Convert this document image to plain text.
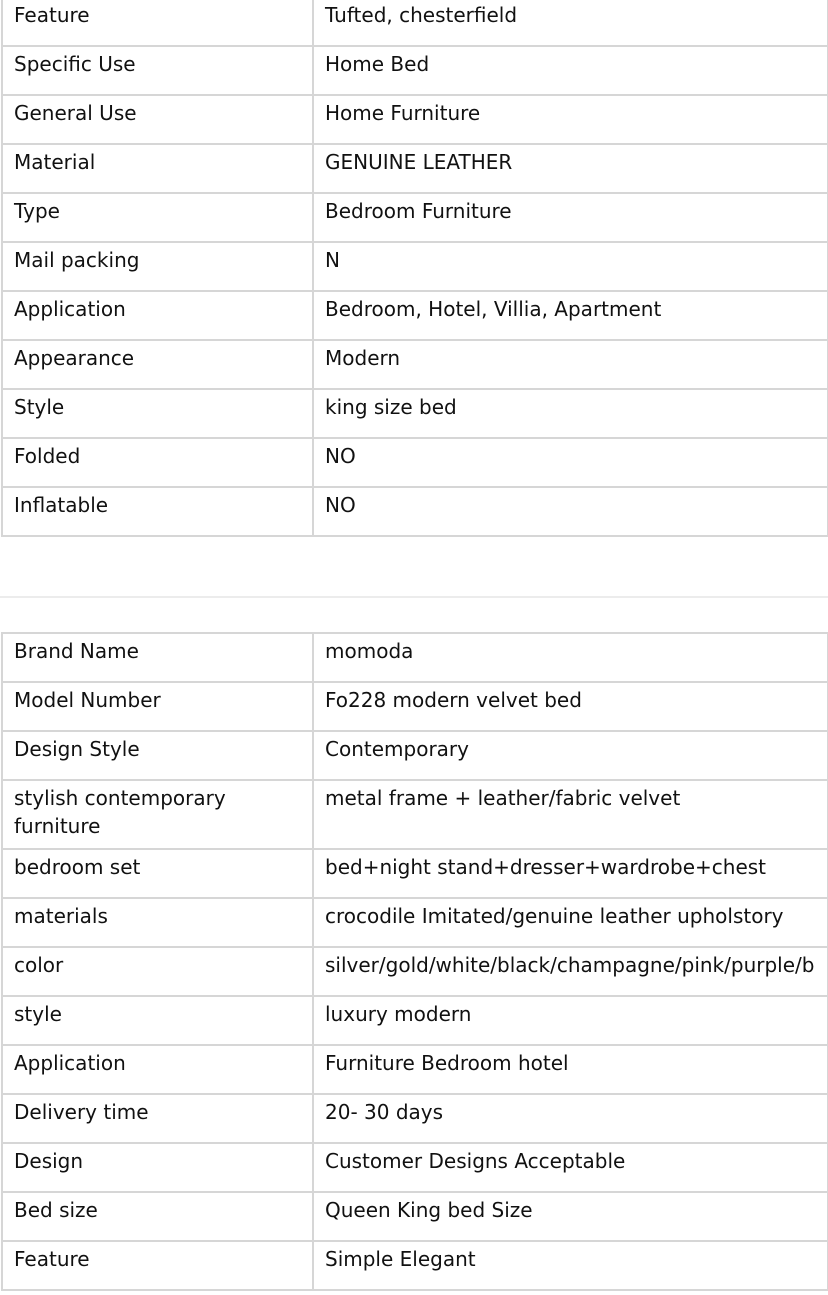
Feature	Tufted, chesterfield

Specific Use	Home Bed

General Use	Home Furniture

Material	GENUINE LEATHER

Type	Bedroom Furniture

Mail packing	N

Application	Bedroom, Hotel, Villia, Apartment

Appearance	Modern

Style	king size bed

Folded	NO

Inflatable	NO
Brand Name	momoda

Model Number	Fo228 modern velvet bed

Design Style	Contemporary

stylish contemporary furniture	metal frame + leather/fabric velvet

bedroom set	bed+night stand+dresser+wardrobe+chest

materials	crocodile Imitated/genuine leather upholstory

color	silver/gold/white/black/champagne/pink/purple/b

style	luxury modern

Application	Furniture Bedroom hotel

Delivery time	20- 30 days

Design	Customer Designs Acceptable

Bed size	Queen King bed Size

Feature	Simple Elegant
